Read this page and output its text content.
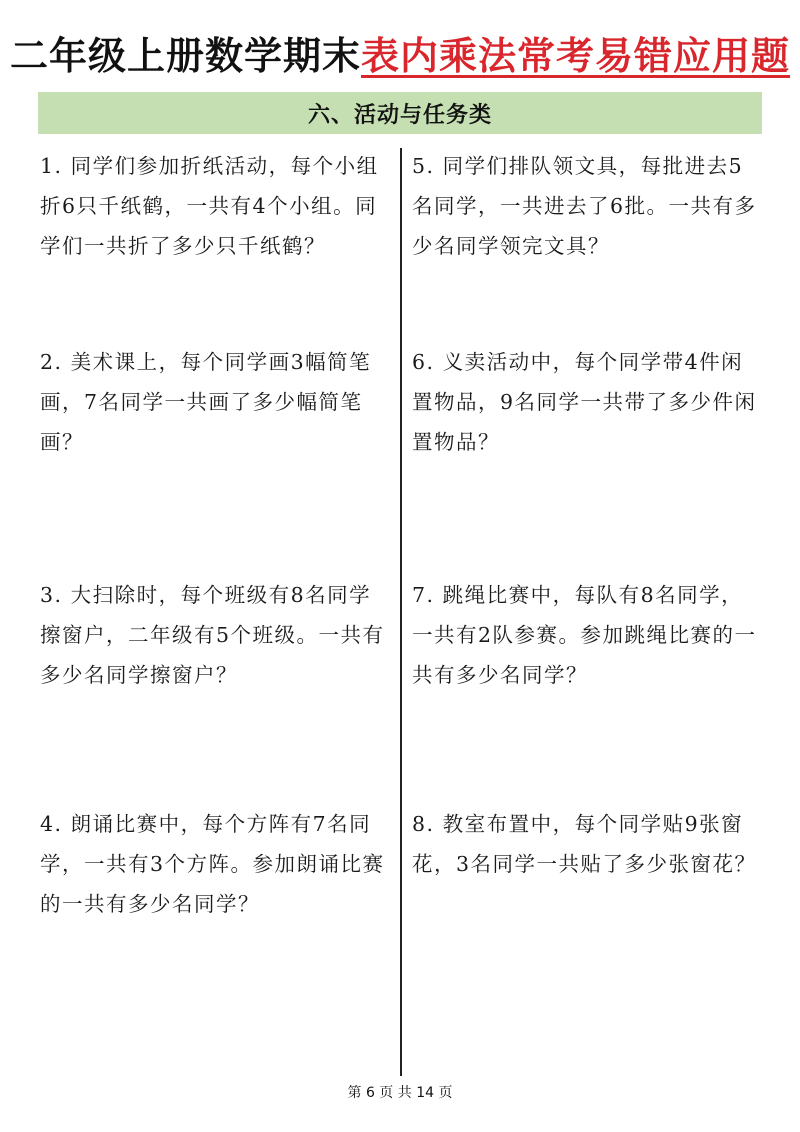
二年级上册数学期末表内乘法常考易错应用题
六、活动与任务类
1. 同学们参加折纸活动，每个小组折6只千纸鹤，一共有4个小组。同学们一共折了多少只千纸鹤？
2. 美术课上，每个同学画3幅简笔画，7名同学一共画了多少幅简笔画？
3. 大扫除时，每个班级有8名同学擦窗户，二年级有5个班级。一共有多少名同学擦窗户？
4. 朗诵比赛中，每个方阵有7名同学，一共有3个方阵。参加朗诵比赛的一共有多少名同学？
5. 同学们排队领文具，每批进去5名同学，一共进去了6批。一共有多少名同学领完文具？
6. 义卖活动中，每个同学带4件闲置物品，9名同学一共带了多少件闲置物品？
7. 跳绳比赛中，每队有8名同学，一共有2队参赛。参加跳绳比赛的一共有多少名同学？
8. 教室布置中，每个同学贴9张窗花，3名同学一共贴了多少张窗花？
第 6 页 共 14 页
